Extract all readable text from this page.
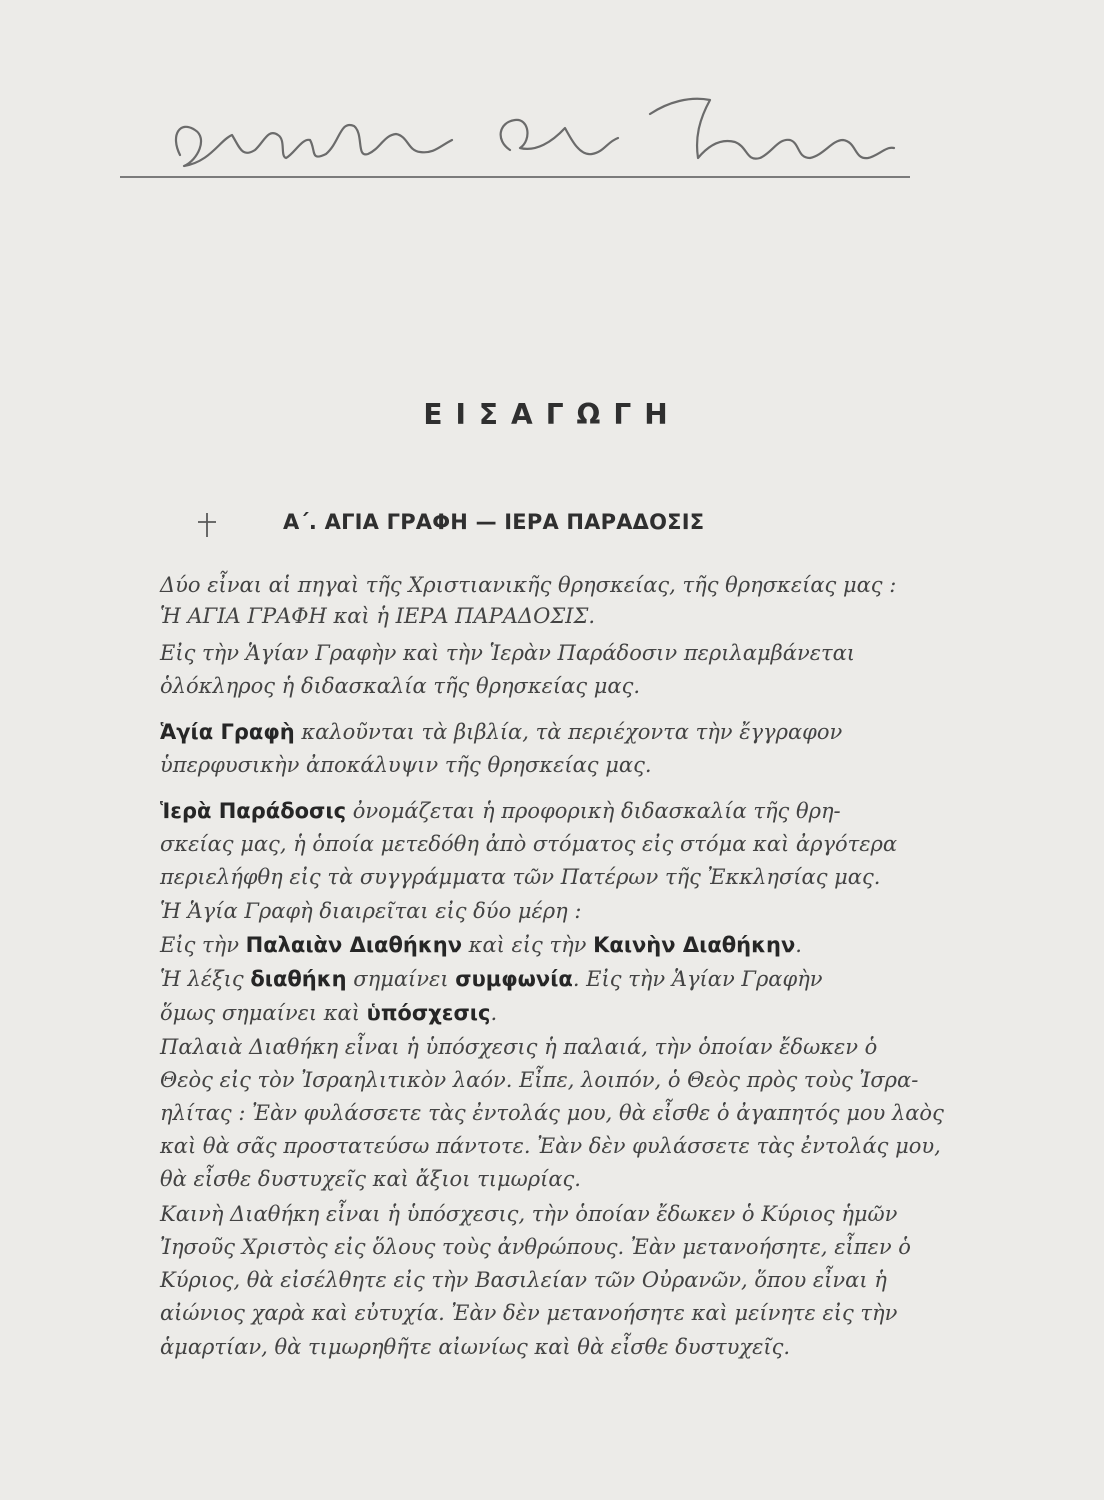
ΕΙΣΑΓΩΓΗ
Α΄. ΑΓΙΑ ΓΡΑΦΗ — ΙΕΡΑ ΠΑΡΑΔΟΣΙΣ
Δύο εἶναι αἱ πηγαὶ τῆς Χριστιανικῆς θρησκείας, τῆς θρησκείας μας :
Ἡ ΑΓΙΑ ΓΡΑΦΗ καὶ ἡ ΙΕΡΑ ΠΑΡΑΔΟΣΙΣ.
Εἰς τὴν Ἁγίαν Γραφὴν καὶ τὴν Ἱερὰν Παράδοσιν περιλαμβάνεται
ὁλόκληρος ἡ διδασκαλία τῆς θρησκείας μας.
Ἁγία Γραφὴ καλοῦνται τὰ βιβλία, τὰ περιέχοντα τὴν ἔγγραφον
ὑπερφυσικὴν ἀποκάλυψιν τῆς θρησκείας μας.
Ἱερὰ Παράδοσις ὀνομάζεται ἡ προφορικὴ διδασκαλία τῆς θρη-
σκείας μας, ἡ ὁποία μετεδόθη ἀπὸ στόματος εἰς στόμα καὶ ἀργότερα
περιελήφθη εἰς τὰ συγγράμματα τῶν Πατέρων τῆς Ἐκκλησίας μας.
Ἡ Ἁγία Γραφὴ διαιρεῖται εἰς δύο μέρη :
Εἰς τὴν Παλαιὰν Διαθήκην καὶ εἰς τὴν Καινὴν Διαθήκην.
Ἡ λέξις διαθήκη σημαίνει συμφωνία. Εἰς τὴν Ἁγίαν Γραφὴν
ὅμως σημαίνει καὶ ὑπόσχεσις.
Παλαιὰ Διαθήκη εἶναι ἡ ὑπόσχεσις ἡ παλαιά, τὴν ὁποίαν ἔδωκεν ὁ
Θεὸς εἰς τὸν Ἰσραηλιτικὸν λαόν. Εἶπε, λοιπόν, ὁ Θεὸς πρὸς τοὺς Ἰσρα-
ηλίτας : Ἐὰν φυλάσσετε τὰς ἐντολάς μου, θὰ εἶσθε ὁ ἀγαπητός μου λαὸς
καὶ θὰ σᾶς προστατεύσω πάντοτε. Ἐὰν δὲν φυλάσσετε τὰς ἐντολάς μου,
θὰ εἶσθε δυστυχεῖς καὶ ἄξιοι τιμωρίας.
Καινὴ Διαθήκη εἶναι ἡ ὑπόσχεσις, τὴν ὁποίαν ἔδωκεν ὁ Κύριος ἡμῶν
Ἰησοῦς Χριστὸς εἰς ὅλους τοὺς ἀνθρώπους. Ἐὰν μετανοήσητε, εἶπεν ὁ
Κύριος, θὰ εἰσέλθητε εἰς τὴν Βασιλείαν τῶν Οὐρανῶν, ὅπου εἶναι ἡ
αἰώνιος χαρὰ καὶ εὐτυχία. Ἐὰν δὲν μετανοήσητε καὶ μείνητε εἰς τὴν
ἁμαρτίαν, θὰ τιμωρηθῆτε αἰωνίως καὶ θὰ εἶσθε δυστυχεῖς.
